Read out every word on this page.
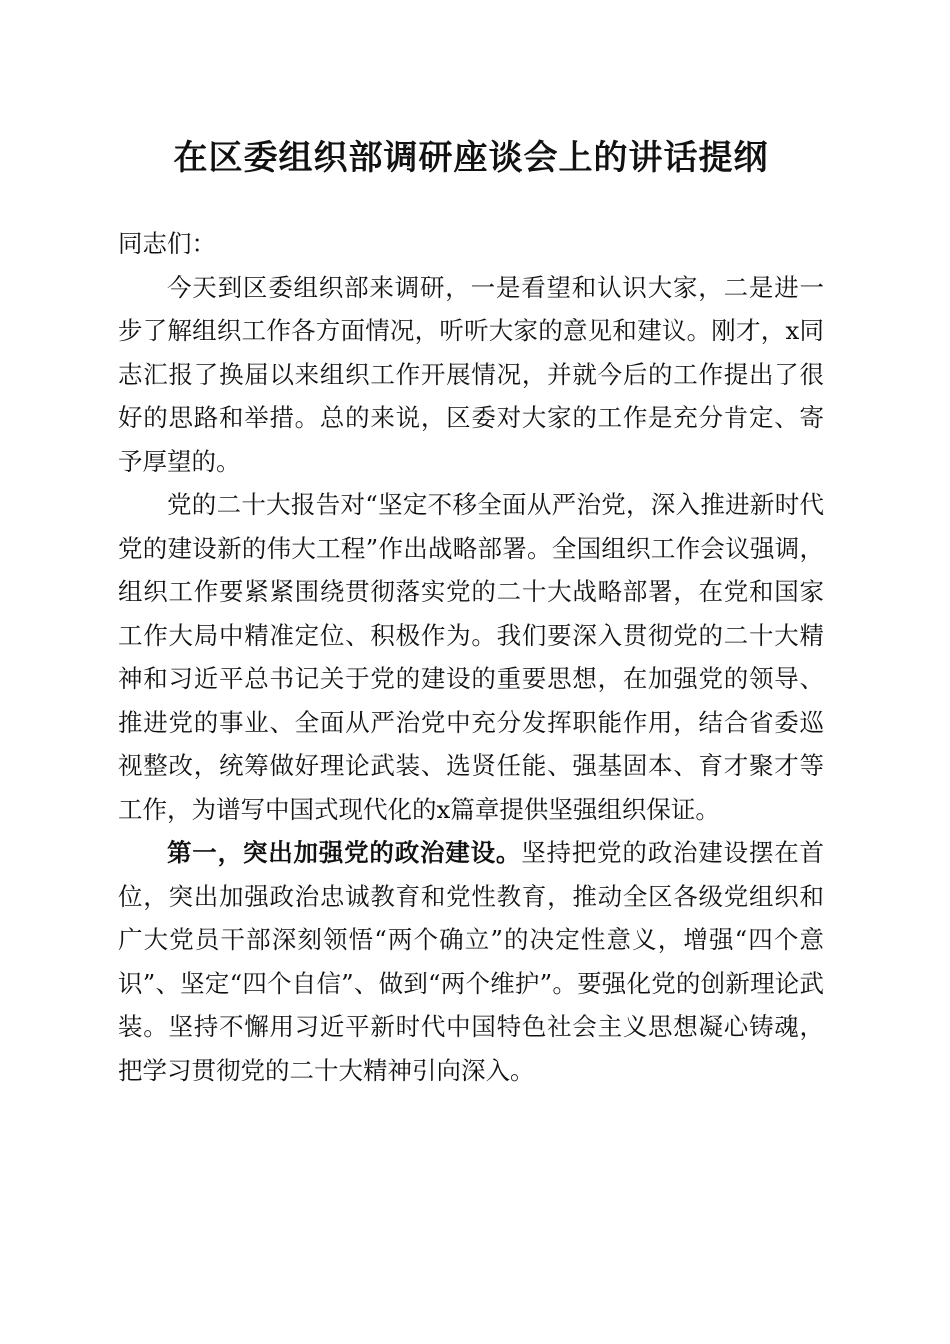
在区委组织部调研座谈会上的讲话提纲

同志们：

今天到区委组织部来调研，一是看望和认识大家，二是进一步了解组织工作各方面情况，听听大家的意见和建议。刚才，x同志汇报了换届以来组织工作开展情况，并就今后的工作提出了很好的思路和举措。总的来说，区委对大家的工作是充分肯定、寄予厚望的。

党的二十大报告对“坚定不移全面从严治党，深入推进新时代党的建设新的伟大工程”作出战略部署。全国组织工作会议强调，组织工作要紧紧围绕贯彻落实党的二十大战略部署，在党和国家工作大局中精准定位、积极作为。我们要深入贯彻党的二十大精神和习近平总书记关于党的建设的重要思想，在加强党的领导、推进党的事业、全面从严治党中充分发挥职能作用，结合省委巡视整改，统筹做好理论武装、选贤任能、强基固本、育才聚才等工作，为谱写中国式现代化的x篇章提供坚强组织保证。

第一，突出加强党的政治建设。坚持把党的政治建设摆在首位，突出加强政治忠诚教育和党性教育，推动全区各级党组织和广大党员干部深刻领悟“两个确立”的决定性意义，增强“四个意识”、坚定“四个自信”、做到“两个维护”。要强化党的创新理论武装。坚持不懈用习近平新时代中国特色社会主义思想凝心铸魂，把学习贯彻党的二十大精神引向深入。
